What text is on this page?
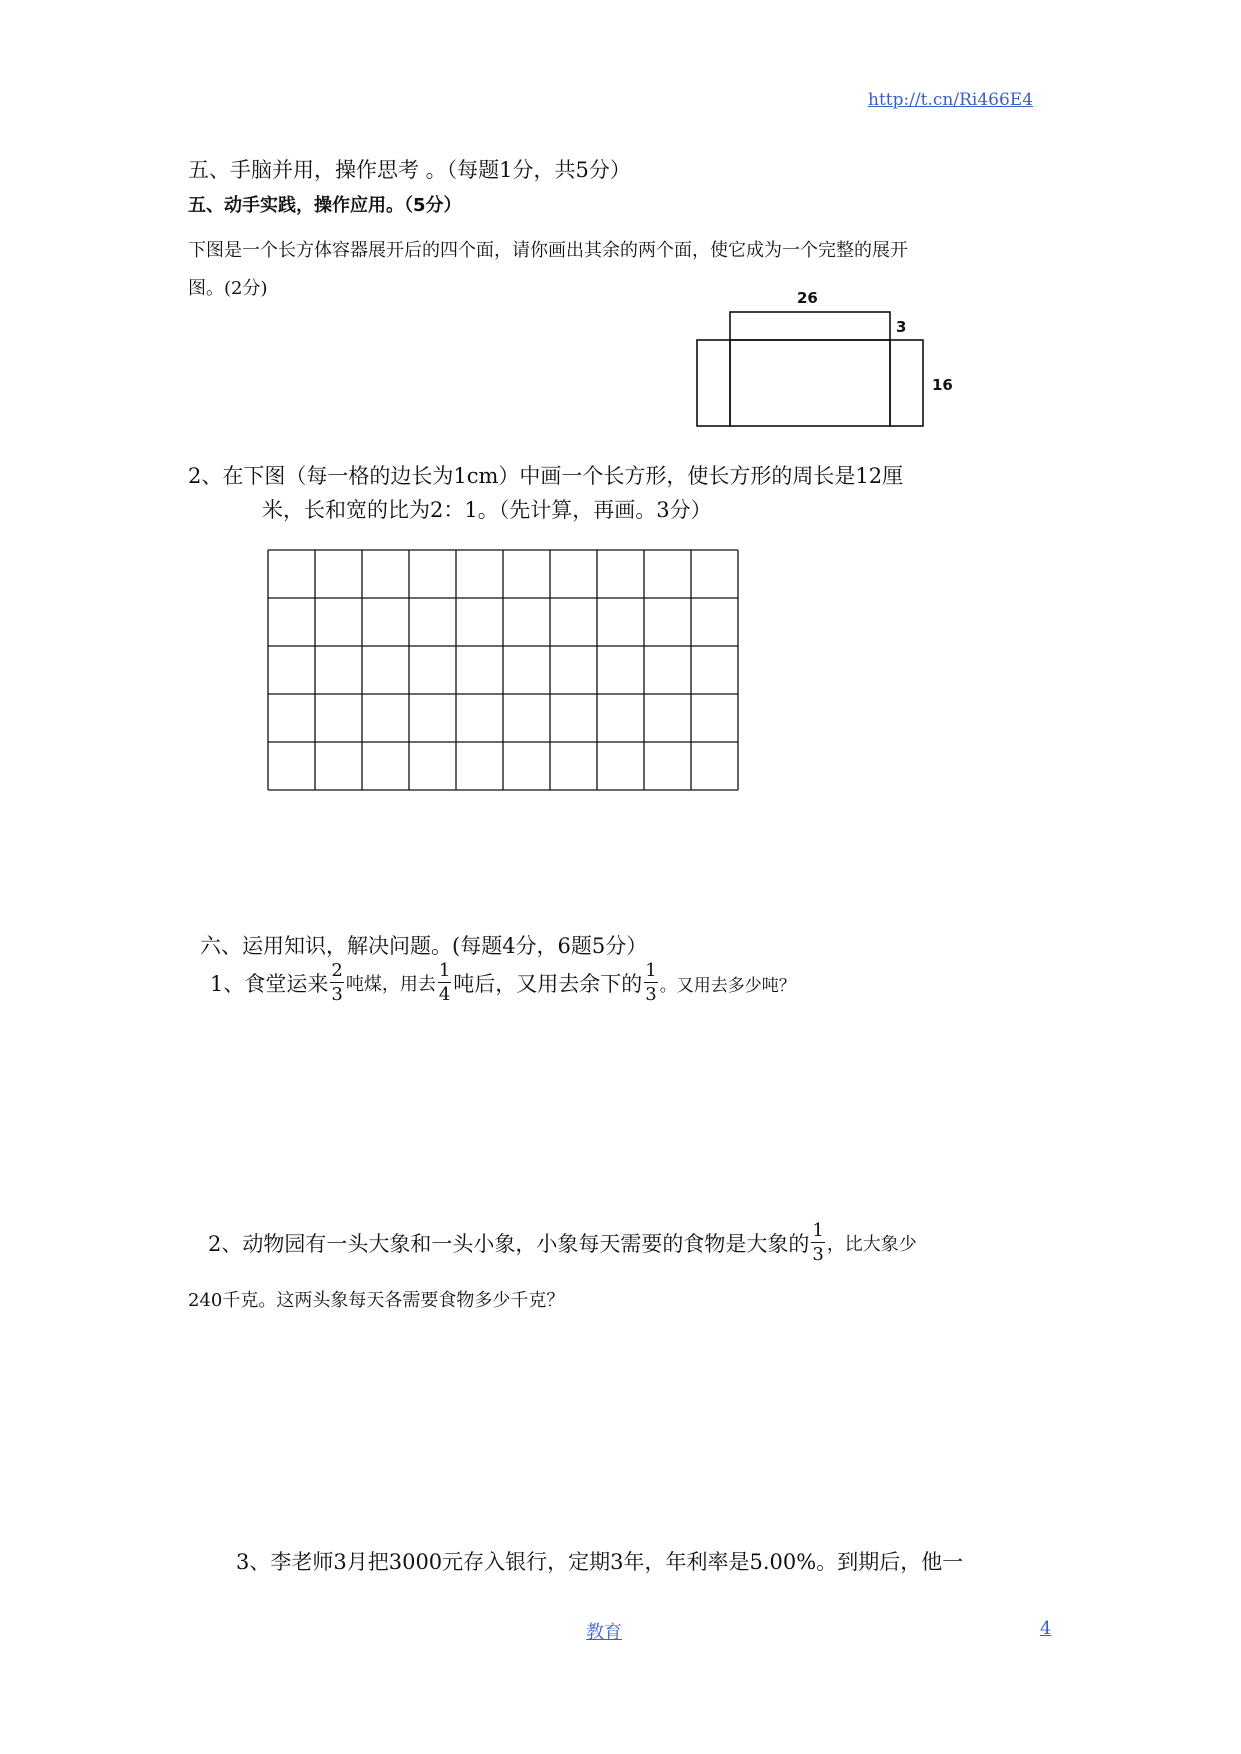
http://t.cn/Ri466E4
五、手脑并用，操作思考 。（每题1分，共5分）
五、动手实践，操作应用。（5分）
下图是一个长方体容器展开后的四个面，请你画出其余的两个面，使它成为一个完整的展开
图。(2分)	26
3
16
2、在下图（每一格的边长为1cm）中画一个长方形，使长方形的周长是12厘
米，长和宽的比为2：1。（先计算，再画。3分）
六、运用知识，解决问题。(每题4分，6题5分）
1、食堂运来 $\frac{2}{3}$ 吨煤，用去 $\frac{1}{4}$ 吨后，又用去余下的 $\frac{1}{3}$ 。又用去多少吨？
2、动物园有一头大象和一头小象，小象每天需要的食物是大象的 $\frac{1}{3}$ ，比大象少
240千克。这两头象每天各需要食物多少千克？
3、李老师3月把3000元存入银行，定期3年，年利率是5.00%。到期后，他一
教育	4
